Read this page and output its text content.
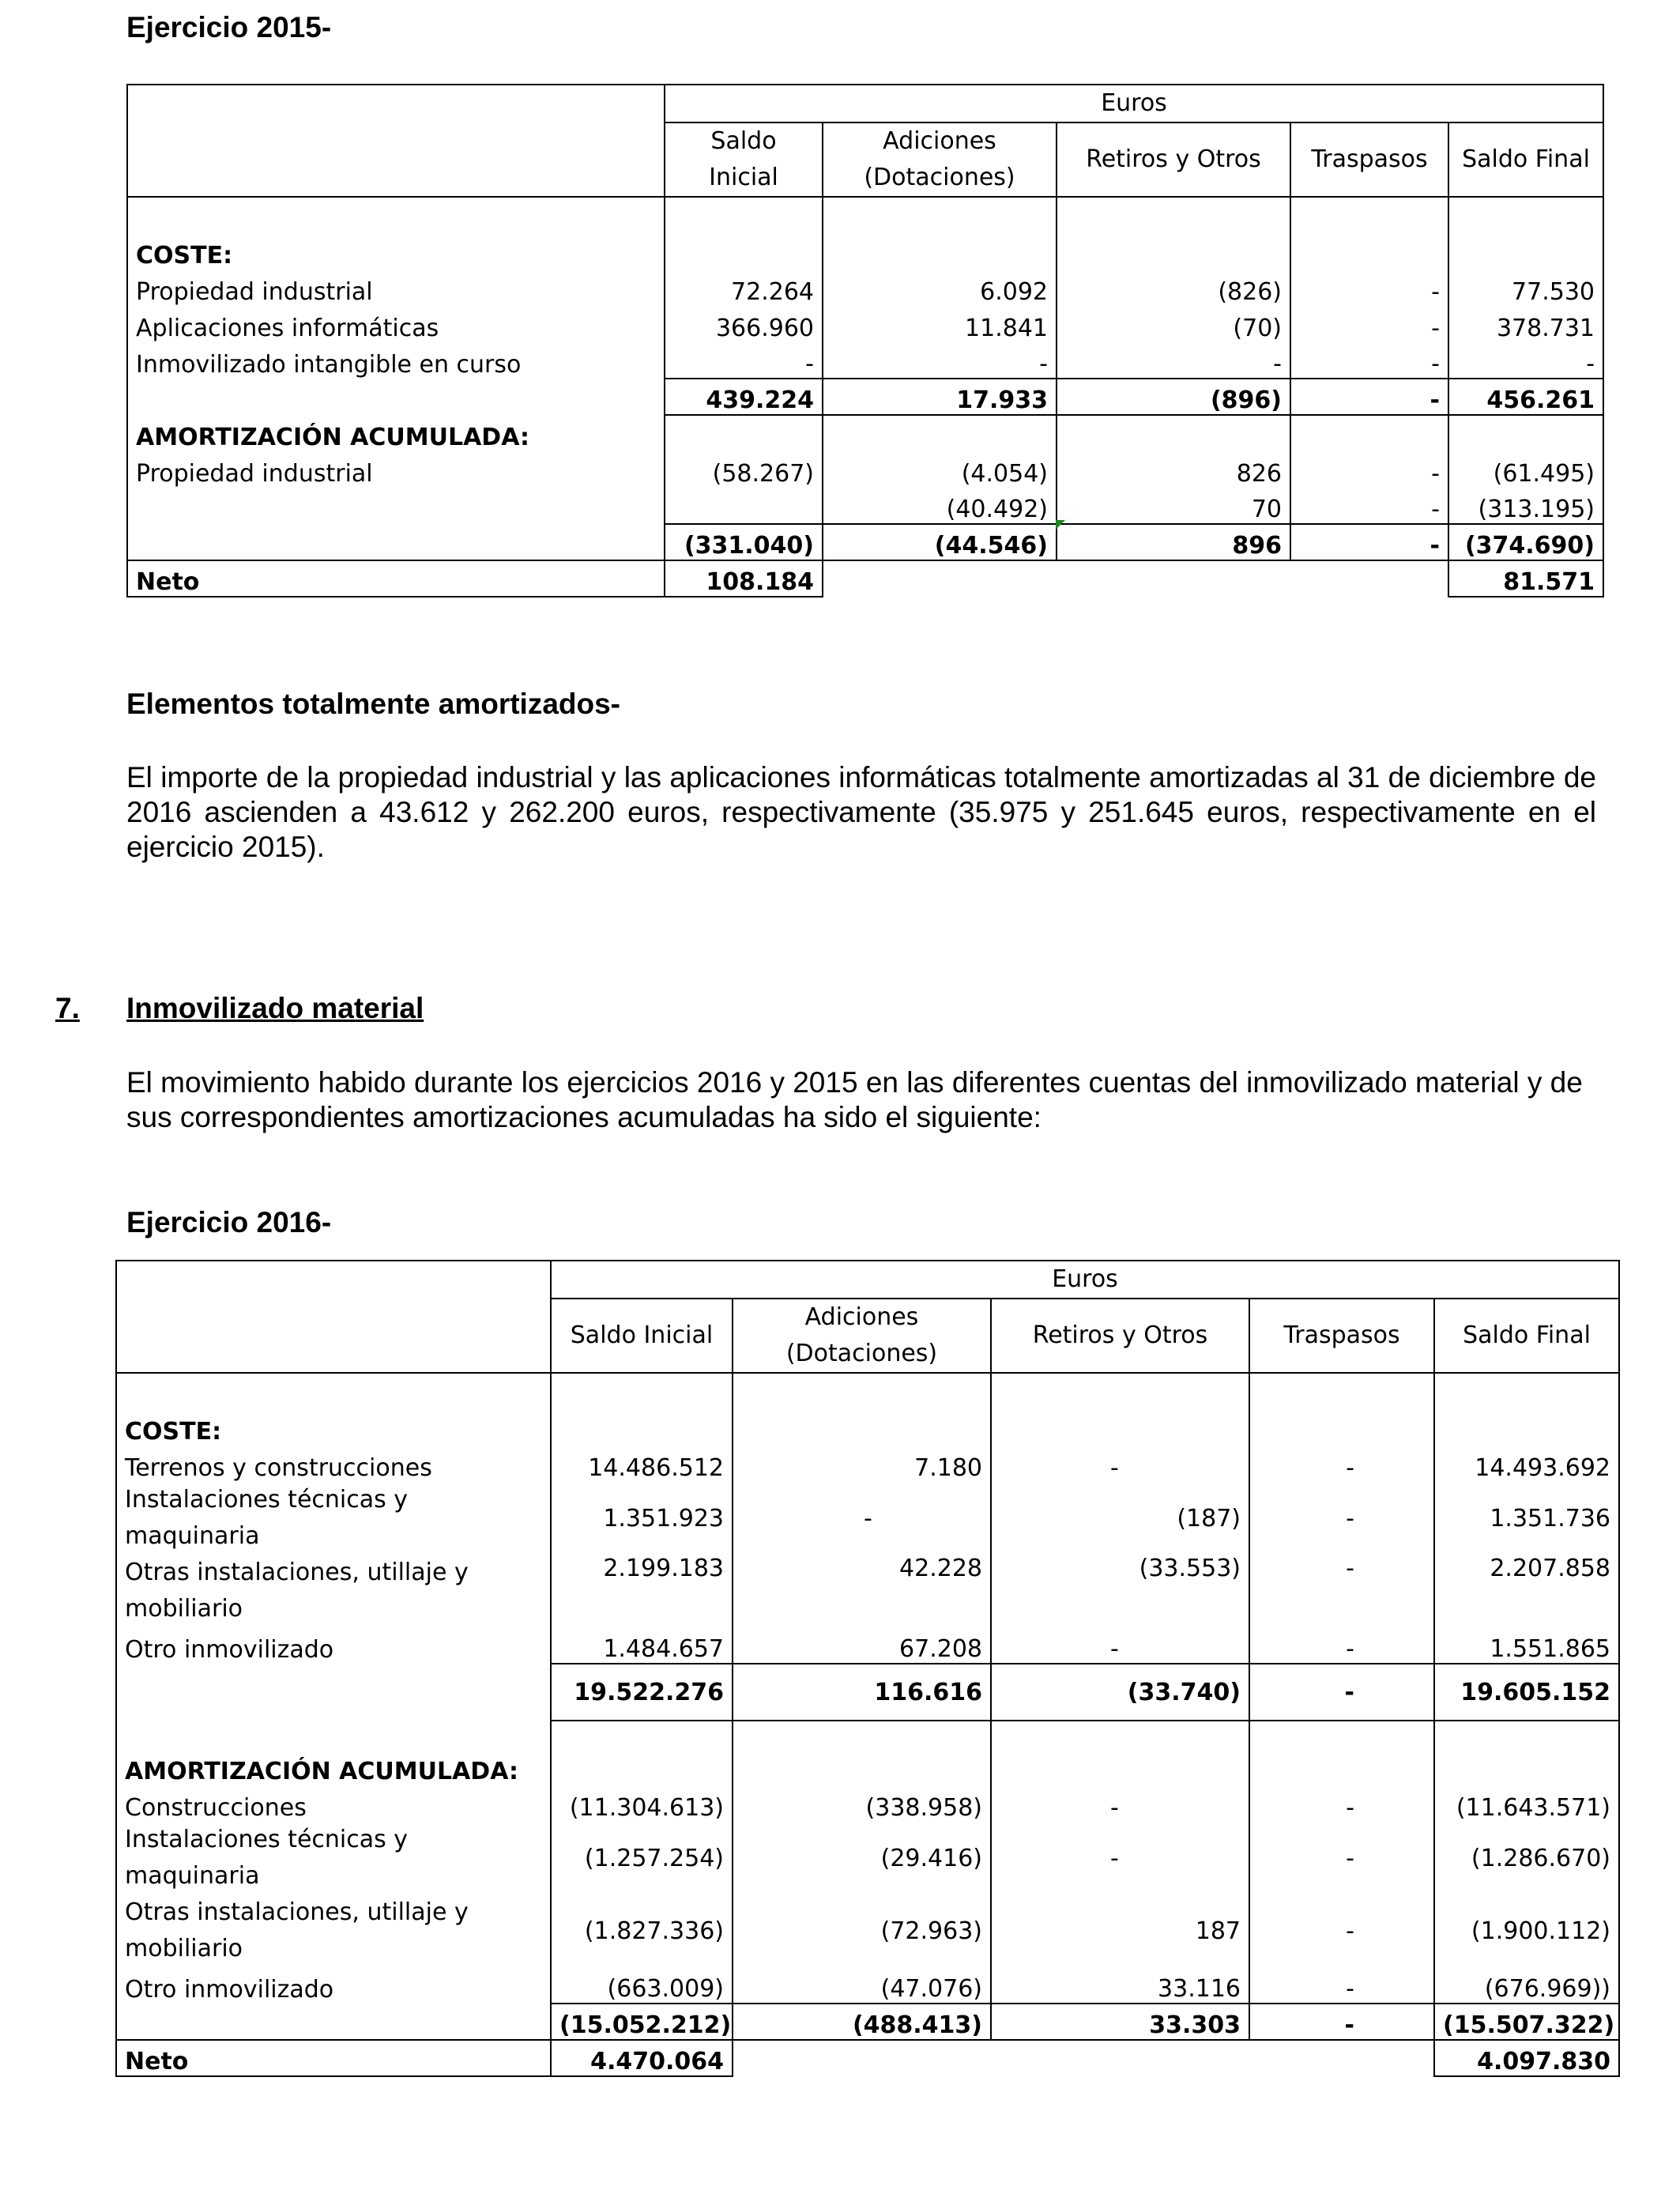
Ejercicio 2015-
	Euros				
	Saldo Inicial	Adiciones (Dotaciones)	Retiros y Otros	Traspasos	Saldo Final

COSTE:					
Propiedad industrial	72.264	6.092	(826)	-	77.530
Aplicaciones informáticas	366.960	11.841	(70)	-	378.731
Inmovilizado intangible en curso	-	-	-	-	-
	439.224	17.933	(896)	-	456.261
AMORTIZACIÓN ACUMULADA:					
Propiedad industrial	(58.267)	(4.054)	826	-	(61.495)
		(40.492)	70	-	(313.195)
	(331.040)	(44.546)	896	-	(374.690)
Neto	108.184				81.571
Elementos totalmente amortizados-
El importe de la propiedad industrial y las aplicaciones informáticas totalmente amortizadas al 31 de diciembre de 2016 ascienden a 43.612 y 262.200 euros, respectivamente (35.975 y 251.645 euros, respectivamente en el ejercicio 2015).
7. Inmovilizado material
El movimiento habido durante los ejercicios 2016 y 2015 en las diferentes cuentas del inmovilizado material y de sus correspondientes amortizaciones acumuladas ha sido el siguiente:
Ejercicio 2016-
	Euros				
	Saldo Inicial	Adiciones (Dotaciones)	Retiros y Otros	Traspasos	Saldo Final

COSTE:					
Terrenos y construcciones	14.486.512	7.180	-	-	14.493.692
Instalaciones técnicas y maquinaria	1.351.923	-	(187)	-	1.351.736
Otras instalaciones, utillaje y mobiliario	2.199.183	42.228	(33.553)	-	2.207.858
Otro inmovilizado	1.484.657	67.208	-	-	1.551.865
	19.522.276	116.616	(33.740)	-	19.605.152

AMORTIZACIÓN ACUMULADA:					
Construcciones	(11.304.613)	(338.958)	-	-	(11.643.571)
Instalaciones técnicas y maquinaria	(1.257.254)	(29.416)	-	-	(1.286.670)
Otras instalaciones, utillaje y mobiliario	(1.827.336)	(72.963)	187	-	(1.900.112)
Otro inmovilizado	(663.009)	(47.076)	33.116	-	(676.969))
	(15.052.212)	(488.413)	33.303	-	(15.507.322)
Neto	4.470.064				4.097.830
